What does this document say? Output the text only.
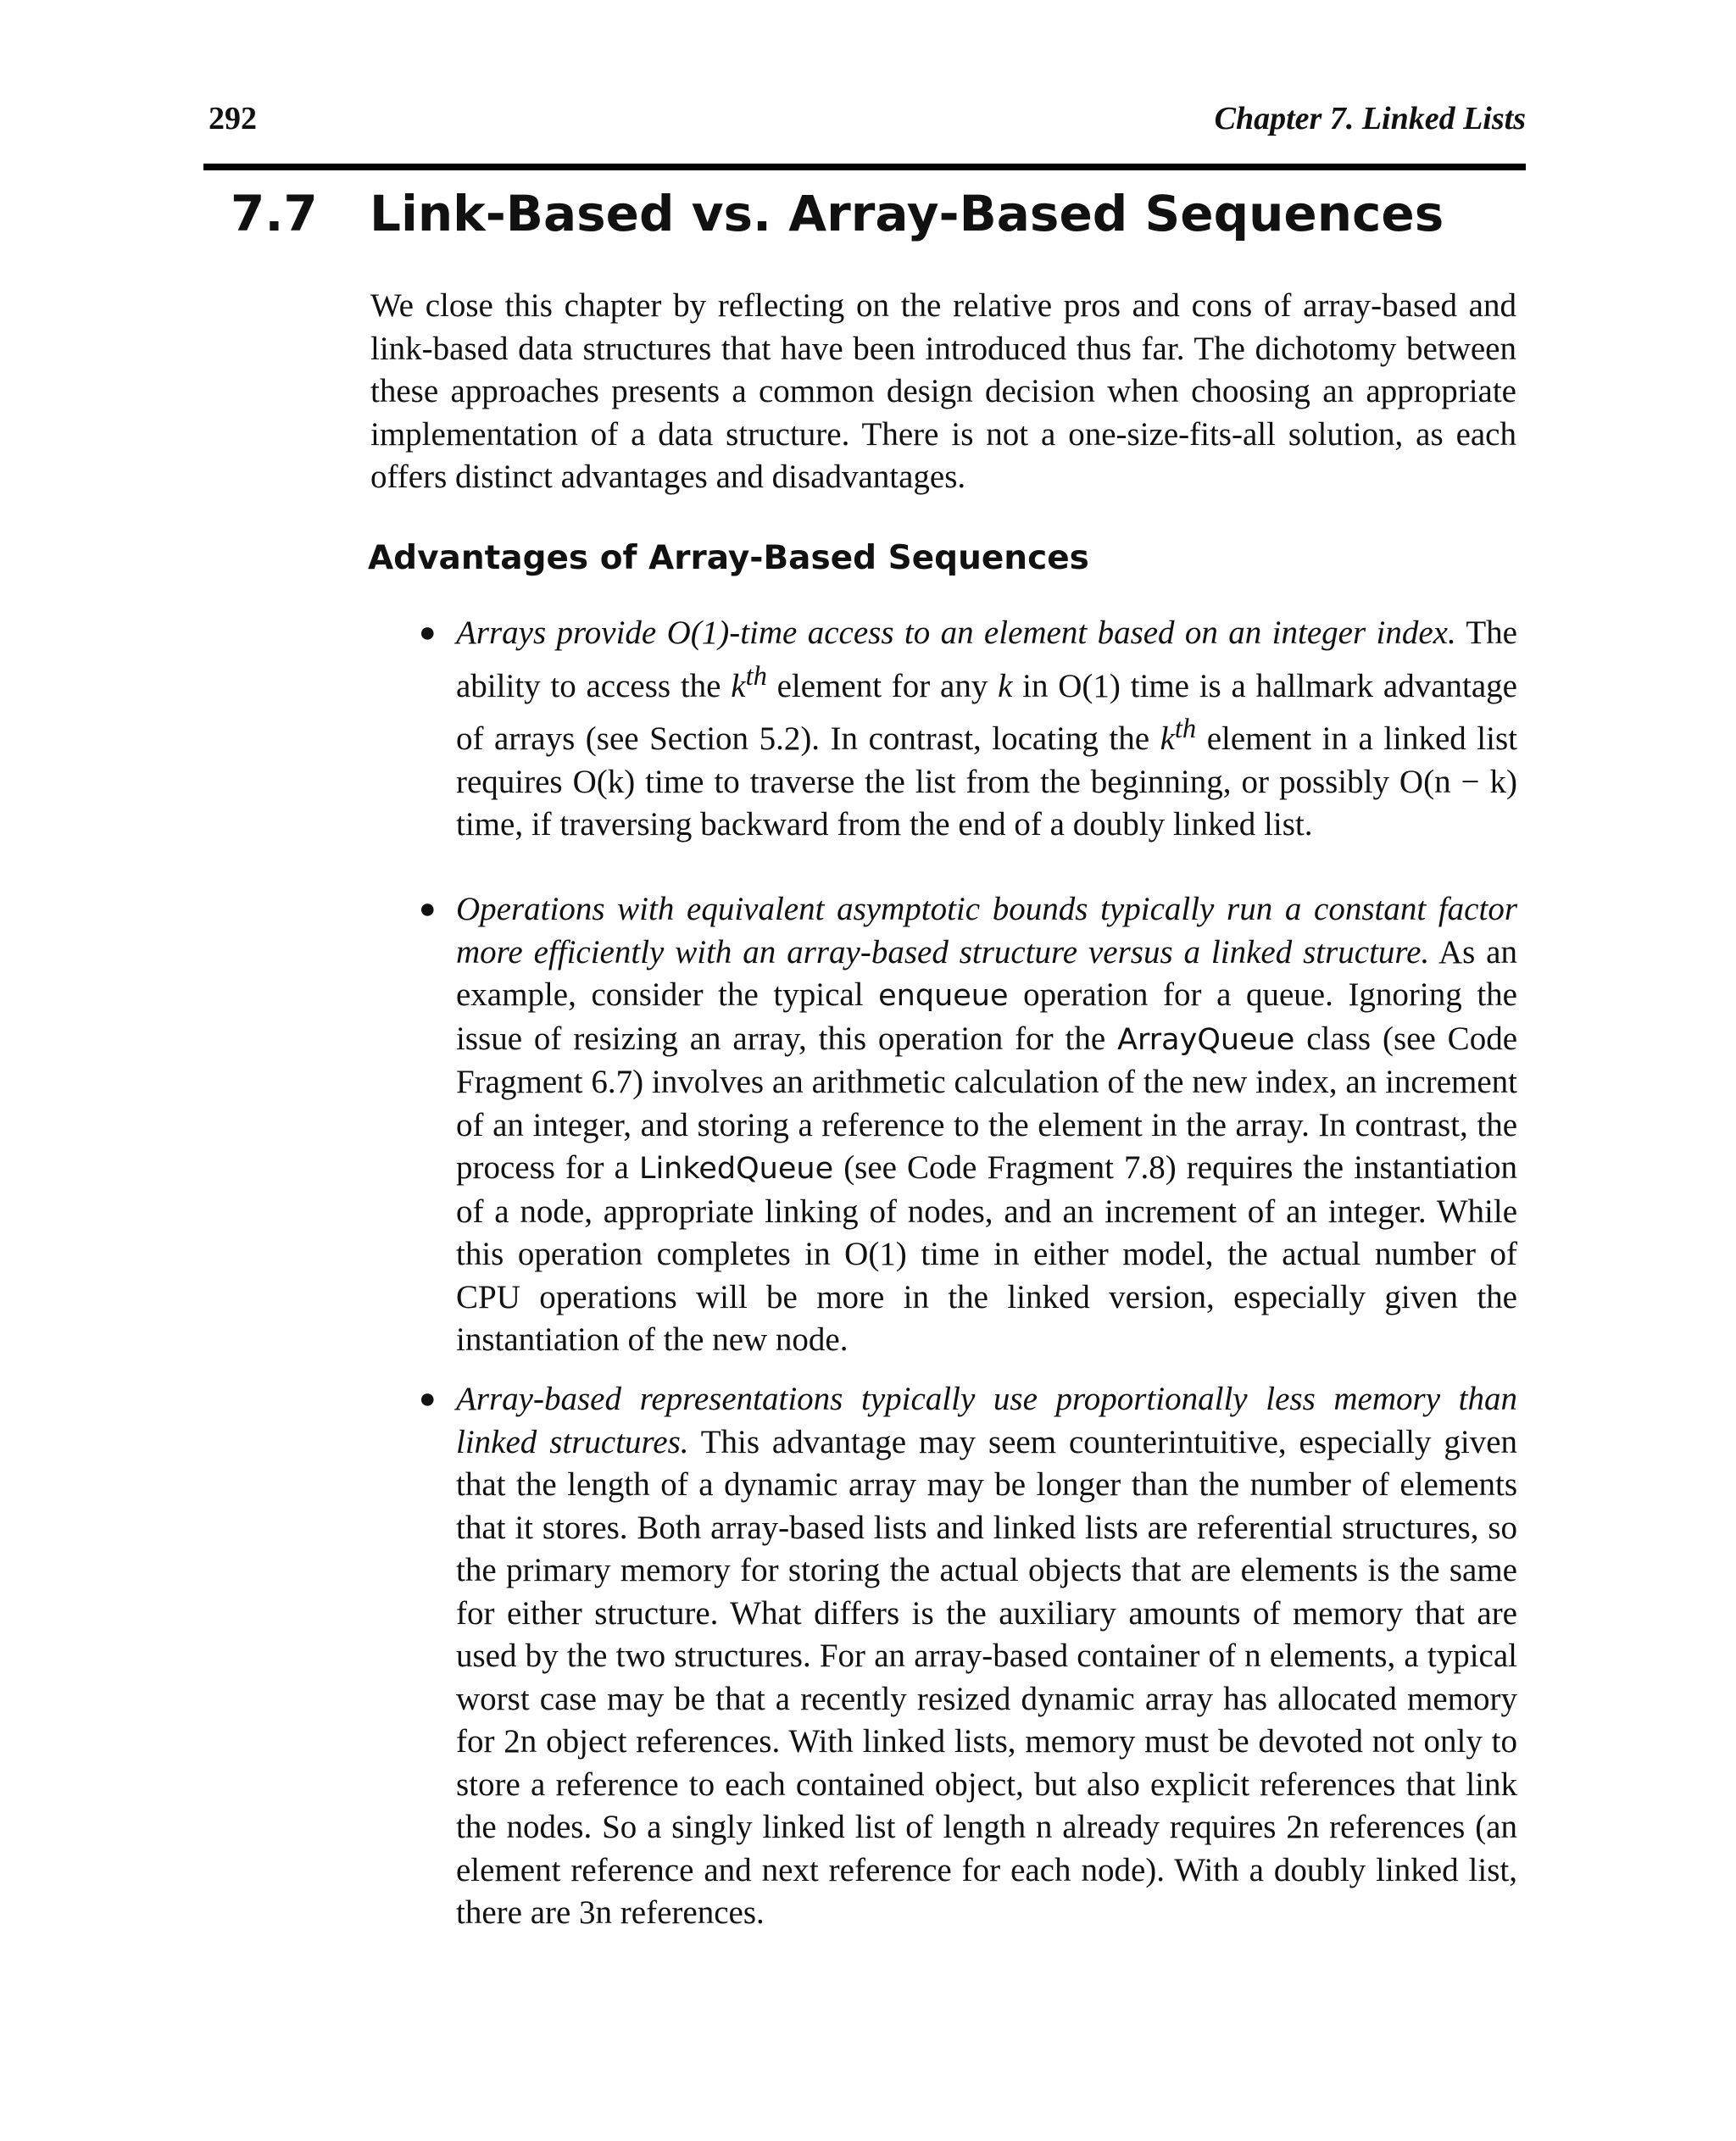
292	Chapter 7. Linked Lists
7.7 Link-Based vs. Array-Based Sequences
We close this chapter by reflecting on the relative pros and cons of array-based and link-based data structures that have been introduced thus far. The dichotomy between these approaches presents a common design decision when choosing an appropriate implementation of a data structure. There is not a one-size-fits-all solution, as each offers distinct advantages and disadvantages.
Advantages of Array-Based Sequences
● Arrays provide O(1)-time access to an element based on an integer index. The ability to access the $k^{th}$ element for any k in O(1) time is a hallmark advantage of arrays (see Section 5.2). In contrast, locating the $k^{th}$ element in a linked list requires O(k) time to traverse the list from the beginning, or possibly O(n − k) time, if traversing backward from the end of a doubly linked list.
● Operations with equivalent asymptotic bounds typically run a constant factor more efficiently with an array-based structure versus a linked structure. As an example, consider the typical enqueue operation for a queue. Ignoring the issue of resizing an array, this operation for the ArrayQueue class (see Code Fragment 6.7) involves an arithmetic calculation of the new index, an increment of an integer, and storing a reference to the element in the array. In contrast, the process for a LinkedQueue (see Code Fragment 7.8) requires the instantiation of a node, appropriate linking of nodes, and an increment of an integer. While this operation completes in O(1) time in either model, the actual number of CPU operations will be more in the linked version, especially given the instantiation of the new node.
● Array-based representations typically use proportionally less memory than linked structures. This advantage may seem counterintuitive, especially given that the length of a dynamic array may be longer than the number of elements that it stores. Both array-based lists and linked lists are referential structures, so the primary memory for storing the actual objects that are elements is the same for either structure. What differs is the auxiliary amounts of memory that are used by the two structures. For an array-based container of n elements, a typical worst case may be that a recently resized dynamic array has allocated memory for 2n object references. With linked lists, memory must be devoted not only to store a reference to each contained object, but also explicit references that link the nodes. So a singly linked list of length n already requires 2n references (an element reference and next reference for each node). With a doubly linked list, there are 3n references.
